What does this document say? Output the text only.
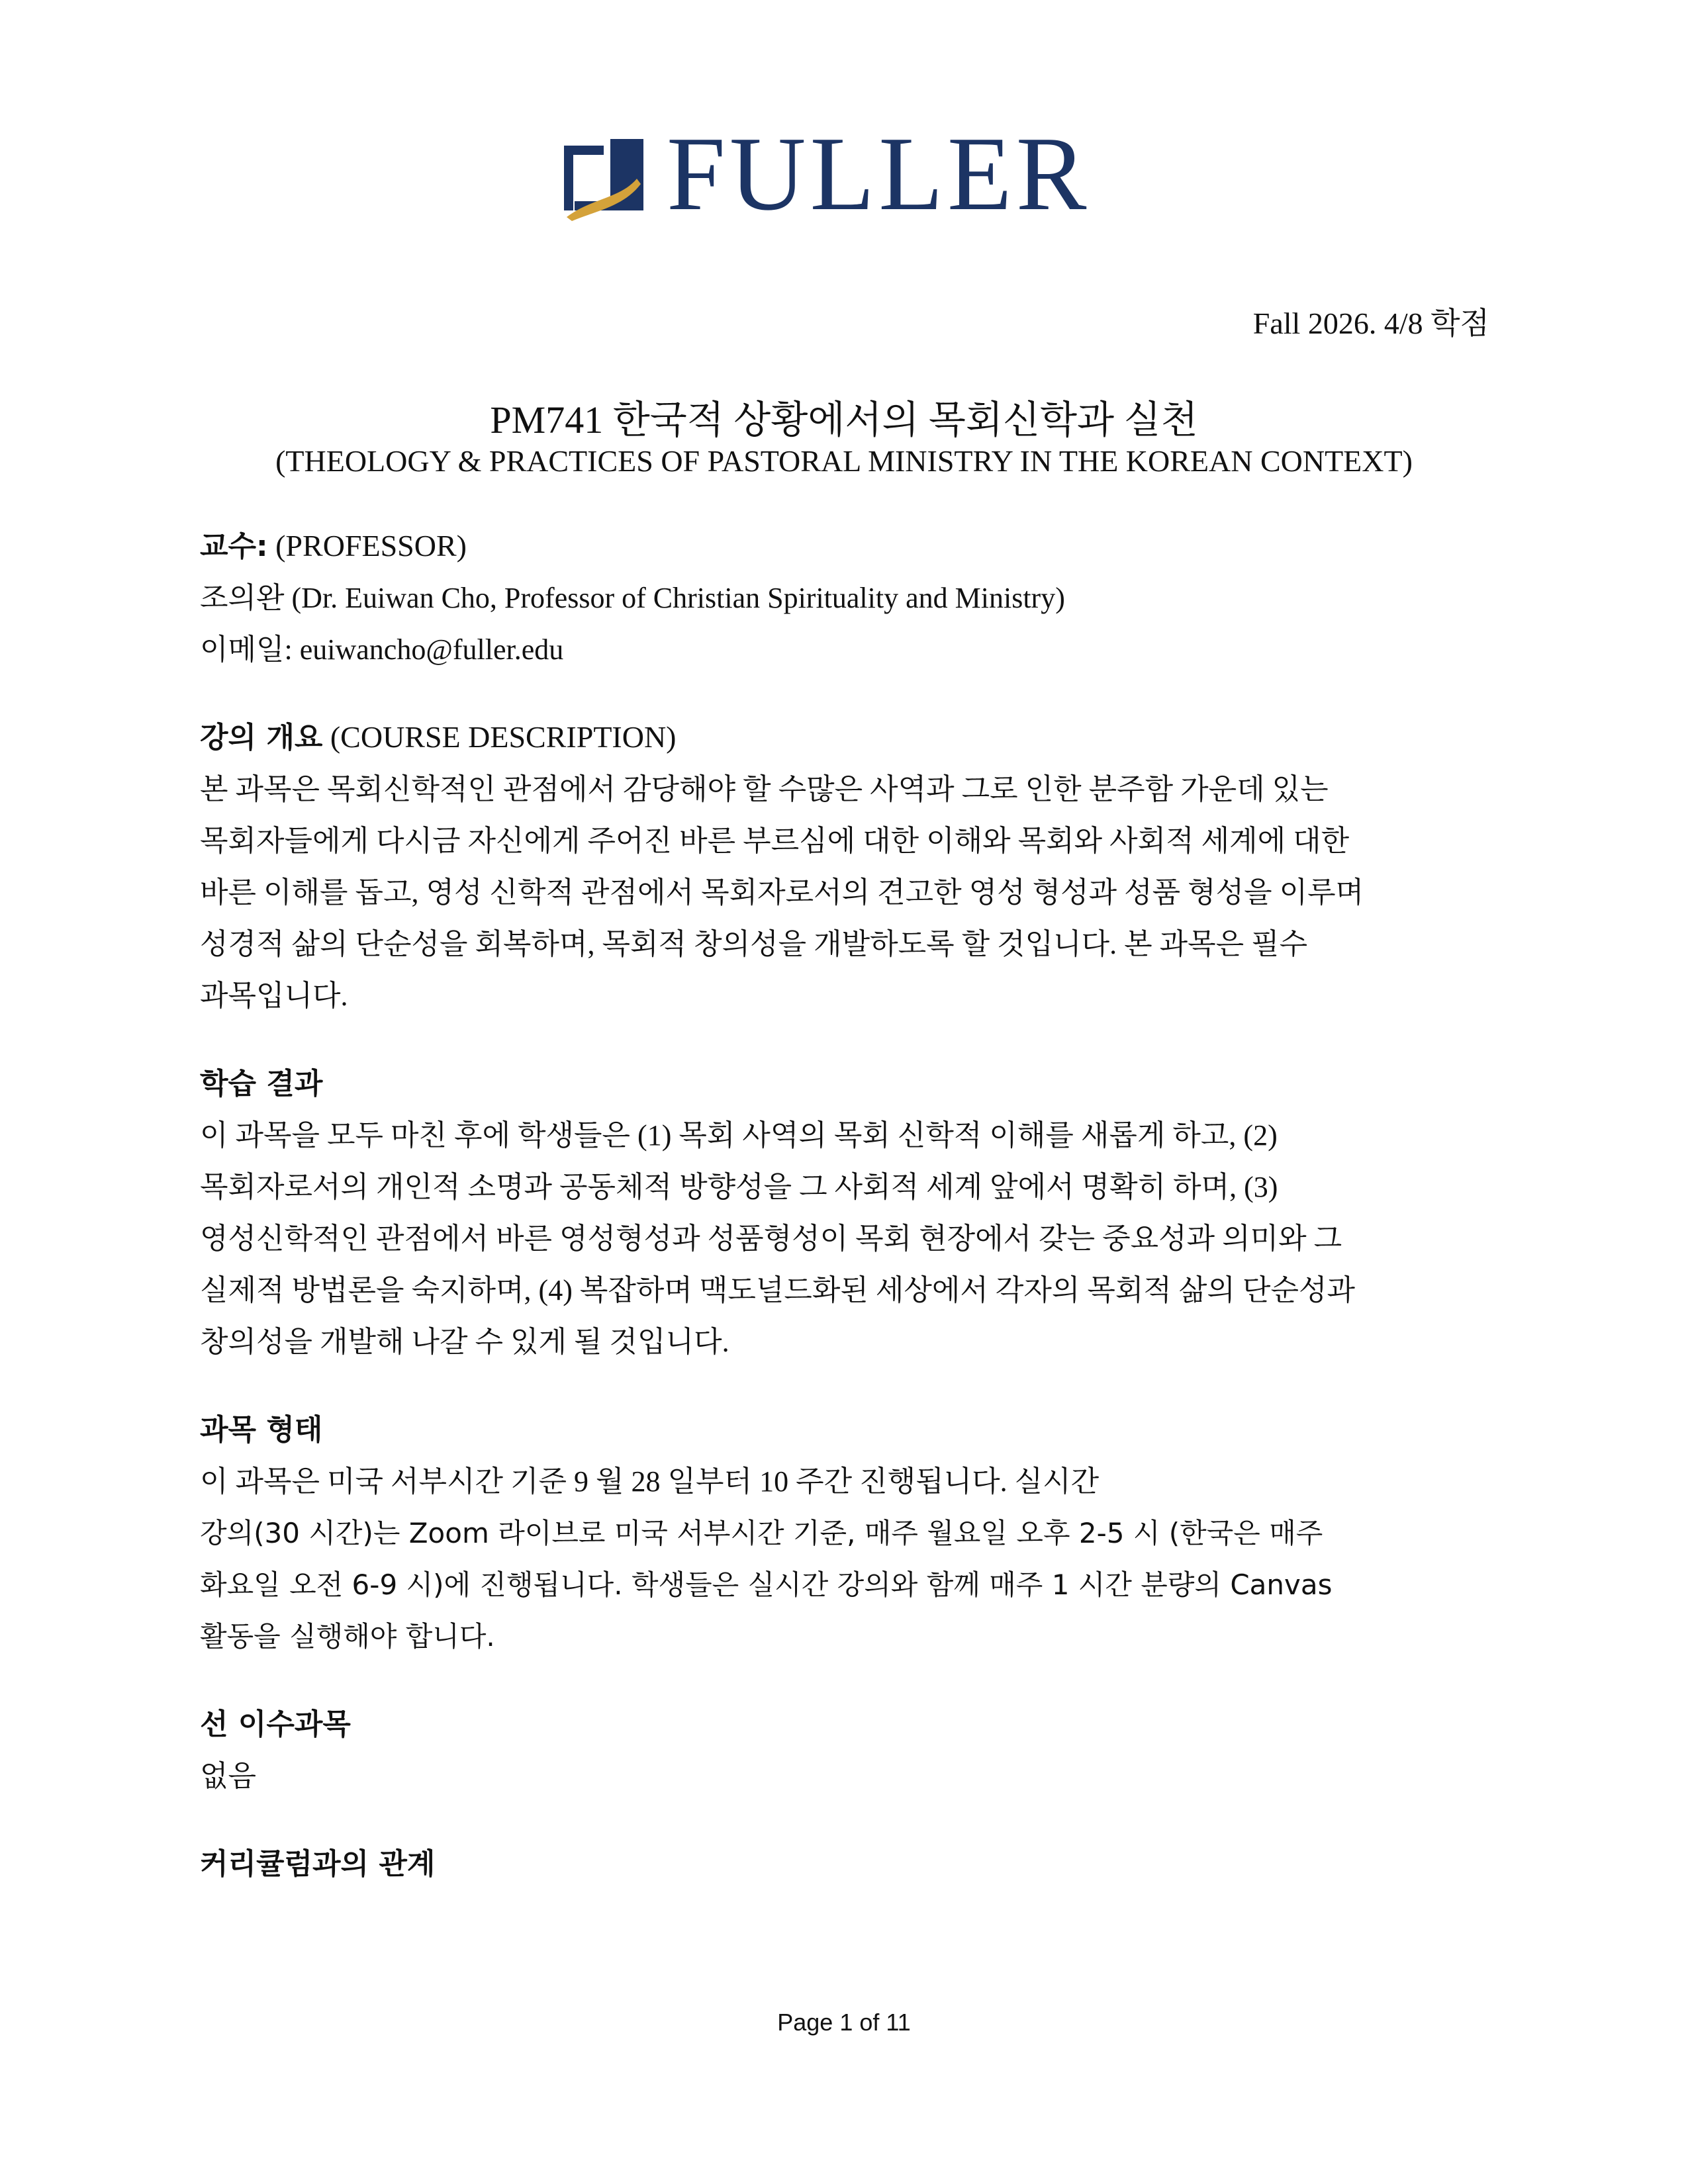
FULLER
Fall 2026. 4/8 학점
PM741 한국적 상황에서의 목회신학과 실천
(THEOLOGY & PRACTICES OF PASTORAL MINISTRY IN THE KOREAN CONTEXT)
교수: (PROFESSOR)
조의완 (Dr. Euiwan Cho, Professor of Christian Spirituality and Ministry)
이메일: euiwancho@fuller.edu
강의 개요 (COURSE DESCRIPTION)
본 과목은 목회신학적인 관점에서 감당해야 할 수많은 사역과 그로 인한 분주함 가운데 있는
목회자들에게 다시금 자신에게 주어진 바른 부르심에 대한 이해와 목회와 사회적 세계에 대한
바른 이해를 돕고, 영성 신학적 관점에서 목회자로서의 견고한 영성 형성과 성품 형성을 이루며
성경적 삶의 단순성을 회복하며, 목회적 창의성을 개발하도록 할 것입니다. 본 과목은 필수
과목입니다.
학습 결과
이 과목을 모두 마친 후에 학생들은 (1) 목회 사역의 목회 신학적 이해를 새롭게 하고, (2)
목회자로서의 개인적 소명과 공동체적 방향성을 그 사회적 세계 앞에서 명확히 하며, (3)
영성신학적인 관점에서 바른 영성형성과 성품형성이 목회 현장에서 갖는 중요성과 의미와 그
실제적 방법론을 숙지하며, (4) 복잡하며 맥도널드화된 세상에서 각자의 목회적 삶의 단순성과
창의성을 개발해 나갈 수 있게 될 것입니다.
과목 형태
이 과목은 미국 서부시간 기준 9 월 28 일부터 10 주간 진행됩니다. 실시간
강의(30 시간)는 Zoom 라이브로 미국 서부시간 기준, 매주 월요일 오후 2-5 시 (한국은 매주
화요일 오전 6-9 시)에 진행됩니다. 학생들은 실시간 강의와 함께 매주 1 시간 분량의 Canvas
활동을 실행해야 합니다.
선 이수과목
없음
커리큘럼과의 관계
Page 1 of 11
